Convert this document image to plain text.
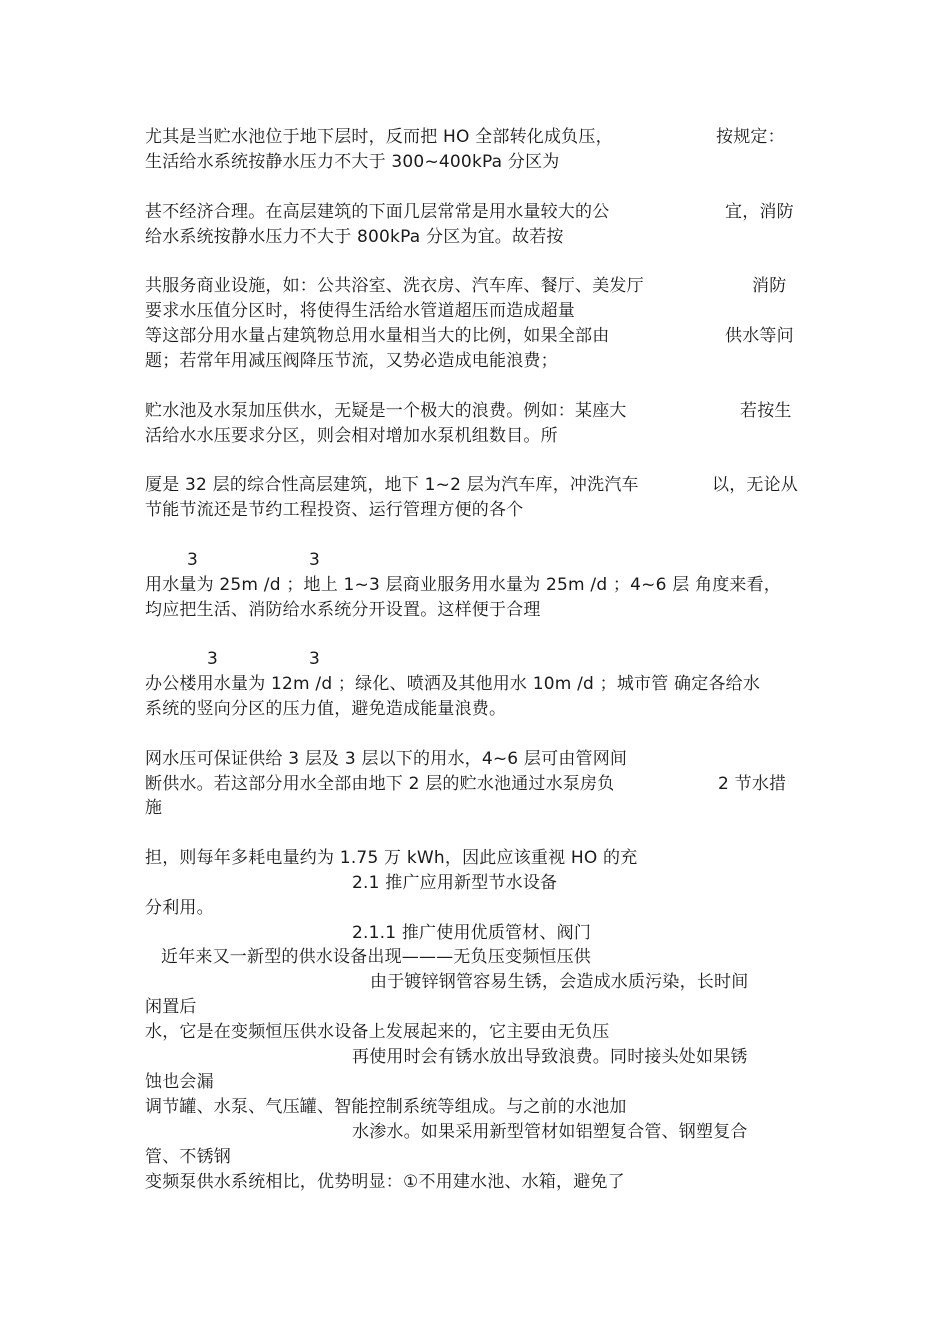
尤其是当贮水池位于地下层时，反而把 HO 全部转化成负压，	按规定：
生活给水系统按静水压力不大于 300~400kPa 分区为
甚不经济合理。在高层建筑的下面几层常常是用水量较大的公	宜，消防
给水系统按静水压力不大于 800kPa 分区为宜。故若按
共服务商业设施，如：公共浴室、洗衣房、汽车库、餐厅、美发厅	消防
要求水压值分区时，将使得生活给水管道超压而造成超量
等这部分用水量占建筑物总用水量相当大的比例，如果全部由	供水等问
题；若常年用减压阀降压节流，又势必造成电能浪费；
贮水池及水泵加压供水，无疑是一个极大的浪费。例如：某座大	若按生
活给水水压要求分区，则会相对增加水泵机组数目。所
厦是 32 层的综合性高层建筑，地下 1~2 层为汽车库，冲洗汽车	以，无论从
节能节流还是节约工程投资、运行管理方便的各个
3	3
用水量为 25m /d ；地上 1~3 层商业服务用水量为 25m /d ；4~6 层 角度来看，
均应把生活、消防给水系统分开设置。这样便于合理
3	3
办公楼用水量为 12m /d ；绿化、喷洒及其他用水 10m /d ；城市管 确定各给水
系统的竖向分区的压力值，避免造成能量浪费。
网水压可保证供给 3 层及 3 层以下的用水，4~6 层可由管网间
断供水。若这部分用水全部由地下 2 层的贮水池通过水泵房负	2 节水措
施
担，则每年多耗电量约为 1.75 万 kWh，因此应该重视 HO 的充
2.1 推广应用新型节水设备
分利用。
2.1.1 推广使用优质管材、阀门
近年来又一新型的供水设备出现———无负压变频恒压供
由于镀锌钢管容易生锈，会造成水质污染，长时间
闲置后
水，它是在变频恒压供水设备上发展起来的，它主要由无负压
再使用时会有锈水放出导致浪费。同时接头处如果锈
蚀也会漏
调节罐、水泵、气压罐、智能控制系统等组成。与之前的水池加
水渗水。如果采用新型管材如铝塑复合管、钢塑复合
管、不锈钢
变频泵供水系统相比，优势明显：①不用建水池、水箱，避免了
